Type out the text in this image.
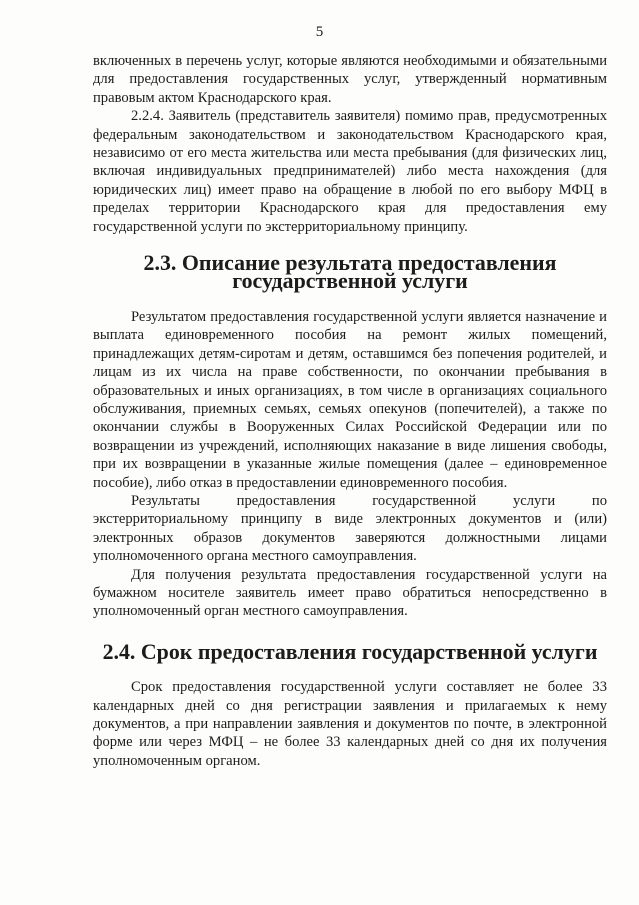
5

включенных в перечень услуг, которые являются необходимыми и обязательными для предоставления государственных услуг, утвержденный нормативным правовым актом Краснодарского края.

2.2.4. Заявитель (представитель заявителя) помимо прав, предусмотренных федеральным законодательством и законодательством Краснодарского края, независимо от его места жительства или места пребывания (для физических лиц, включая индивидуальных предпринимателей) либо места нахождения (для юридических лиц) имеет право на обращение в любой по его выбору МФЦ в пределах территории Краснодарского края для предоставления ему государственной услуги по экстерриториальному принципу.

2.3. Описание результата предоставления
государственной услуги

Результатом предоставления государственной услуги является назначение и выплата единовременного пособия на ремонт жилых помещений, принадлежащих детям-сиротам и детям, оставшимся без попечения родителей, и лицам из их числа на праве собственности, по окончании пребывания в образовательных и иных организациях, в том числе в организациях социального обслуживания, приемных семьях, семьях опекунов (попечителей), а также по окончании службы в Вооруженных Силах Российской Федерации или по возвращении из учреждений, исполняющих наказание в виде лишения свободы, при их возвращении в указанные жилые помещения (далее – единовременное пособие), либо отказ в предоставлении единовременного пособия.

Результаты предоставления государственной услуги по экстерриториальному принципу в виде электронных документов и (или) электронных образов документов заверяются должностными лицами уполномоченного органа местного самоуправления.

Для получения результата предоставления государственной услуги на бумажном носителе заявитель имеет право обратиться непосредственно в уполномоченный орган местного самоуправления.

2.4. Срок предоставления государственной услуги

Срок предоставления государственной услуги составляет не более 33 календарных дней со дня регистрации заявления и прилагаемых к нему документов, а при направлении заявления и документов по почте, в электронной форме или через МФЦ – не более 33 календарных дней со дня их получения уполномоченным органом.
